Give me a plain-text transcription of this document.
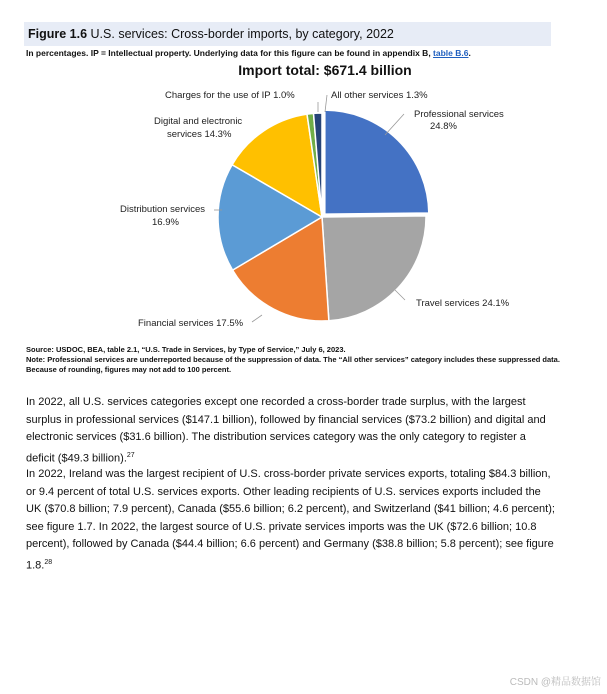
Figure 1.6 U.S. services: Cross-border imports, by category, 2022
In percentages. IP = Intellectual property. Underlying data for this figure can be found in appendix B, table B.6.
Import total: $671.4 billion
Professional services
24.8%
Travel services 24.1%
Financial services 17.5%
Distribution services
16.9%
Digital and electronic
services 14.3%
Charges for the use of IP 1.0%	All other services 1.3%
Source: USDOC, BEA, table 2.1, “U.S. Trade in Services, by Type of Service,” July 6, 2023.
Note: Professional services are underreported because of the suppression of data. The “All other services” category includes these suppressed data. Because of rounding, figures may not add to 100 percent.
In 2022, all U.S. services categories except one recorded a cross-border trade surplus, with the largest surplus in professional services ($147.1 billion), followed by financial services ($73.2 billion) and digital and electronic services ($31.6 billion). The distribution services category was the only category to register a deficit ($49.3 billion).$^{27}$
In 2022, Ireland was the largest recipient of U.S. cross-border private services exports, totaling $84.3 billion, or 9.4 percent of total U.S. services exports. Other leading recipients of U.S. services exports included the UK ($70.8 billion; 7.9 percent), Canada ($55.6 billion; 6.2 percent), and Switzerland ($41 billion; 4.6 percent); see figure 1.7. In 2022, the largest source of U.S. private services imports was the UK ($72.6 billion; 10.8 percent), followed by Canada ($44.4 billion; 6.6 percent) and Germany ($38.8 billion; 5.8 percent); see figure 1.8.28
CSDN @精品数据馆
